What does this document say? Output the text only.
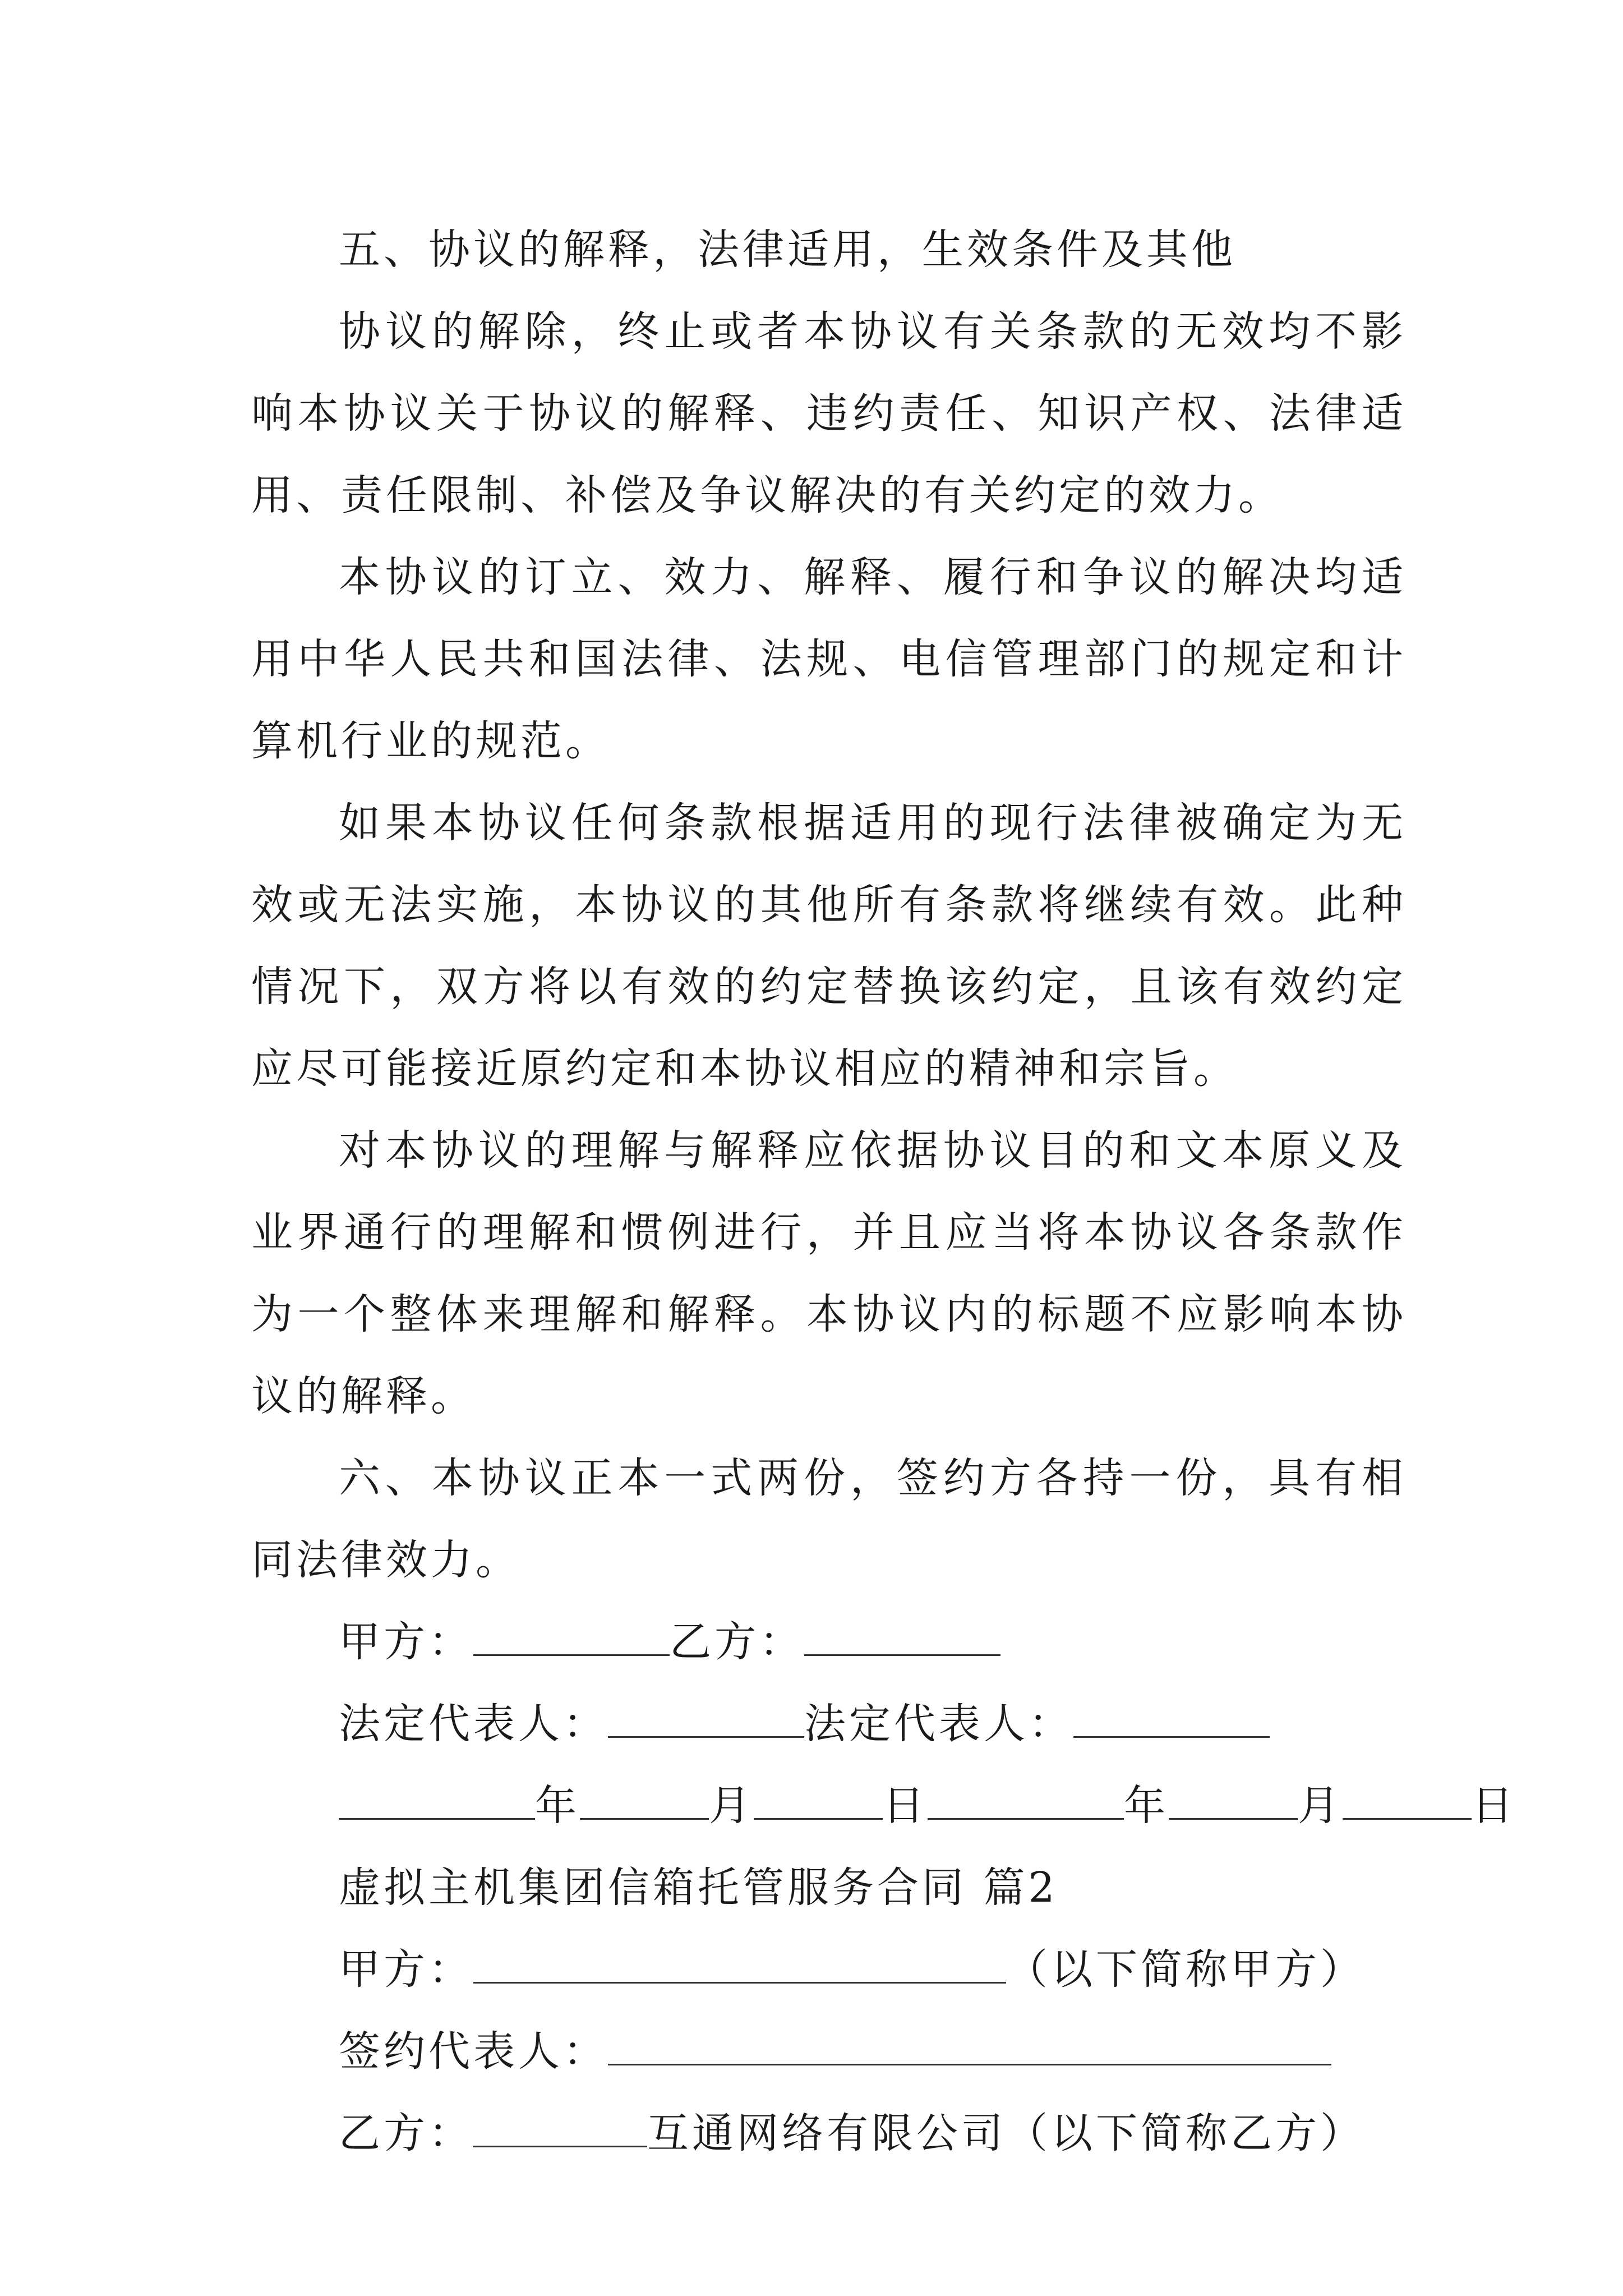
五、协议的解释，法律适用，生效条件及其他

协议的解除，终止或者本协议有关条款的无效均不影响本协议关于协议的解释、违约责任、知识产权、法律适用、责任限制、补偿及争议解决的有关约定的效力。

本协议的订立、效力、解释、履行和争议的解决均适用中华人民共和国法律、法规、电信管理部门的规定和计算机行业的规范。

如果本协议任何条款根据适用的现行法律被确定为无效或无法实施，本协议的其他所有条款将继续有效。此种情况下，双方将以有效的约定替换该约定，且该有效约定应尽可能接近原约定和本协议相应的精神和宗旨。

对本协议的理解与解释应依据协议目的和文本原义及业界通行的理解和惯例进行，并且应当将本协议各条款作为一个整体来理解和解释。本协议内的标题不应影响本协议的解释。

六、本协议正本一式两份，签约方各持一份，具有相同法律效力。

甲方：	乙方：
法定代表人：	法定代表人：
年	月	日	年	月	日
虚拟主机集团信箱托管服务合同 篇2
甲方：	（以下简称甲方）
签约代表人：
乙方：	互通网络有限公司（以下简称乙方）
